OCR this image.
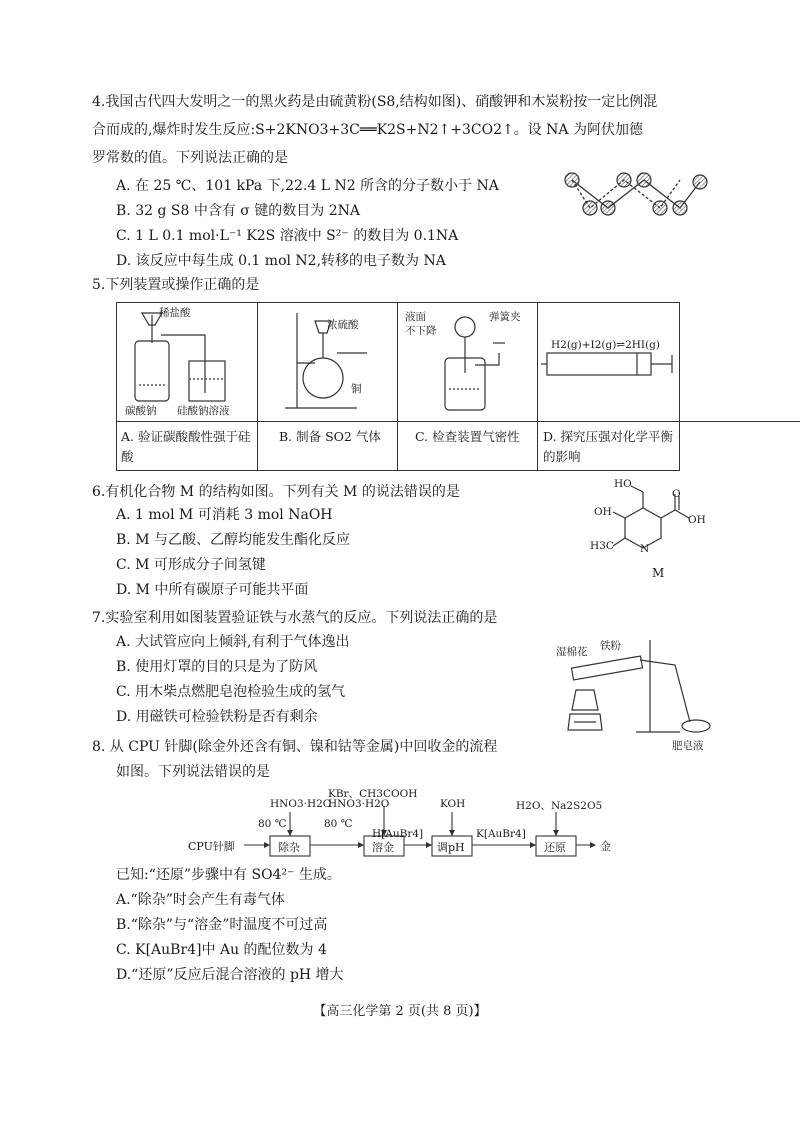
4.我国古代四大发明之一的黑火药是由硫黄粉(S8,结构如图)、硝酸钾和木炭粉按一定比例混
合而成的,爆炸时发生反应:S+2KNO3+3C══K2S+N2↑+3CO2↑。设 NA 为阿伏加德
罗常数的值。下列说法正确的是
A. 在 25 ℃、101 kPa 下,22.4 L N2 所含的分子数小于 NA
B. 32 g S8 中含有 σ 键的数目为 2NA
C. 1 L 0.1 mol·L⁻¹ K2S 溶液中 S²⁻ 的数目为 0.1NA
D. 该反应中每生成 0.1 mol N2,转移的电子数为 NA
5.下列装置或操作正确的是
稀盐酸
碳酸钠 硅酸钠溶液
A. 验证碳酸酸性强于硅酸
浓硫酸
铜
B. 制备 SO2 气体
液面
不下降
弹簧夹
C. 检查装置气密性
H2(g)+I2(g)⇌2HI(g)
D. 探究压强对化学平衡的影响
6.有机化合物 M 的结构如图。下列有关 M 的说法错误的是
A. 1 mol M 可消耗 3 mol NaOH
B. M 与乙酸、乙醇均能发生酯化反应
C. M 可形成分子间氢键
D. M 中所有碳原子可能共平面
HO
OH
O
OH
H3C N
M
7.实验室利用如图装置验证铁与水蒸气的反应。下列说法正确的是
A. 大试管应向上倾斜,有利于气体逸出
B. 使用灯罩的目的只是为了防风
C. 用木柴点燃肥皂泡检验生成的氢气
D. 用磁铁可检验铁粉是否有剩余
湿棉花 铁粉
肥皂液
8. 从 CPU 针脚(除金外还含有铜、镍和钴等金属)中回收金的流程
如图。下列说法错误的是
CPU针脚
HNO3·H2O
80 ℃
除杂
KBr、CH3COOH
HNO3·H2O
80 ℃
溶金
H[AuBr4]
KOH
调pH
K[AuBr4]
H2O、Na2S2O5
还原	金
已知:“还原”步骤中有 SO4²⁻ 生成。
A.“除杂”时会产生有毒气体
B.“除杂”与“溶金”时温度不可过高
C. K[AuBr4]中 Au 的配位数为 4
D.“还原”反应后混合溶液的 pH 增大
【高三化学第 2 页(共 8 页)】
